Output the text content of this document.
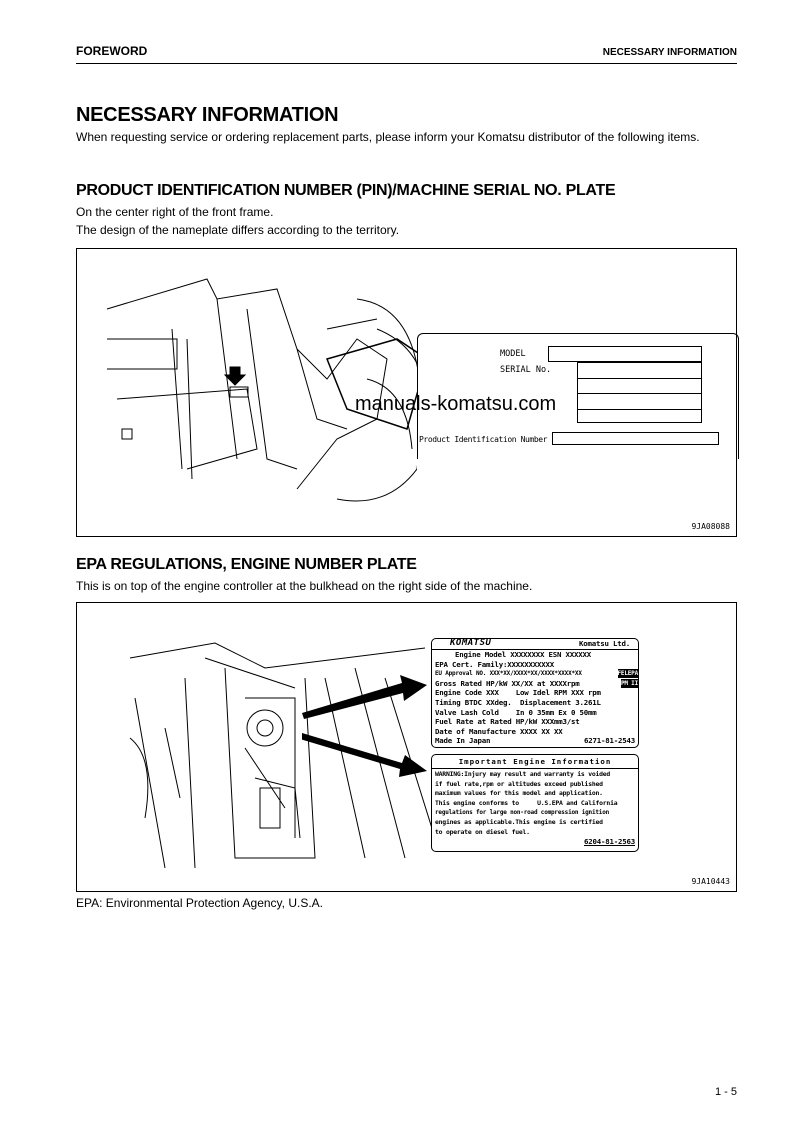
FOREWORD	NECESSARY INFORMATION
NECESSARY INFORMATION

When requesting service or ordering replacement parts, please inform your Komatsu distributor of the following items.

PRODUCT IDENTIFICATION NUMBER (PIN)/MACHINE SERIAL NO. PLATE

On the center right of the front frame.

The design of the nameplate differs according to the territory.

MODEL
SERIAL No.
Product Identification Number
9JA08088
manuals-komatsu.com
EPA REGULATIONS, ENGINE NUMBER PLATE

This is on top of the engine controller at the bulkhead on the right side of the machine.

KOMATSU	Komatsu Ltd.
Engine Model XXXXXXXX ESN XXXXXX
EPA Cert. Family:XXXXXXXXXXX
EU Approval NO. XXX*XX/XXXX*XX/XXXX*XXXX*XX
Gross Rated HP/kW XX/XX at XXXXrpm
Engine Code XXX    Low Idel RPM XXX rpm
Timing BTDC XXdeg.  Displacement 3.261L
Valve Lash Cold    In 0 35mm Ex 0 50mm
Fuel Rate at Rated HP/kW XXXmm3/st
Date of Manufacture XXXX XX XX
Made In Japan	6271-81-2543
FELEPA
PM II
Important Engine Information
WARNING:Injury may result and warranty is voided
if fuel rate,rpm or altitudes exceed published
maximum values for this model and application.
This engine conforms to     U.S.EPA and California
regulations for large non-road compression ignition
engines as applicable.This engine is certified
to operate on diesel fuel.
6204-81-2563
9JA10443

EPA: Environmental Protection Agency, U.S.A.

1 - 5
